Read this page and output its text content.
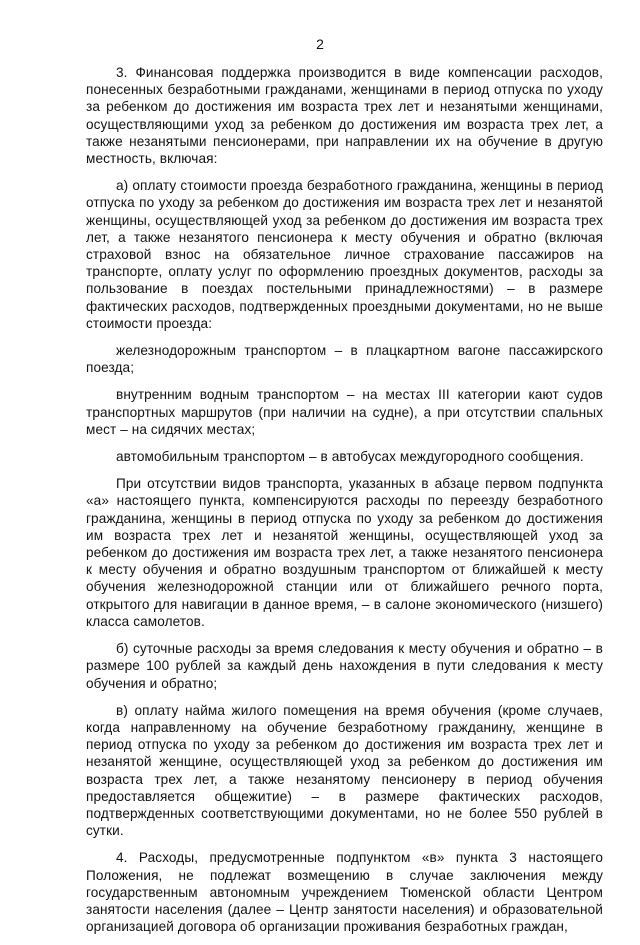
2

3. Финансовая поддержка производится в виде компенсации расходов, понесенных безработными гражданами, женщинами в период отпуска по уходу за ребенком до достижения им возраста трех лет и незанятыми женщинами, осуществляющими уход за ребенком до достижения им возраста трех лет, а также незанятыми пенсионерами, при направлении их на обучение в другую местность, включая:

а) оплату стоимости проезда безработного гражданина, женщины в период отпуска по уходу за ребенком до достижения им возраста трех лет и незанятой женщины, осуществляющей уход за ребенком до достижения им возраста трех лет, а также незанятого пенсионера к месту обучения и обратно (включая страховой взнос на обязательное личное страхование пассажиров на транспорте, оплату услуг по оформлению проездных документов, расходы за пользование в поездах постельными принадлежностями) – в размере фактических расходов, подтвержденных проездными документами, но не выше стоимости проезда:

железнодорожным транспортом – в плацкартном вагоне пассажирского поезда;

внутренним водным транспортом – на местах III категории кают судов транспортных маршрутов (при наличии на судне), а при отсутствии спальных мест – на сидячих местах;

автомобильным транспортом – в автобусах междугородного сообщения.

При отсутствии видов транспорта, указанных в абзаце первом подпункта «а» настоящего пункта, компенсируются расходы по переезду безработного гражданина, женщины в период отпуска по уходу за ребенком до достижения им возраста трех лет и незанятой женщины, осуществляющей уход за ребенком до достижения им возраста трех лет, а также незанятого пенсионера к месту обучения и обратно воздушным транспортом от ближайшей к месту обучения железнодорожной станции или от ближайшего речного порта, открытого для навигации в данное время, – в салоне экономического (низшего) класса самолетов.

б) суточные расходы за время следования к месту обучения и обратно – в размере 100 рублей за каждый день нахождения в пути следования к месту обучения и обратно;

в) оплату найма жилого помещения на время обучения (кроме случаев, когда направленному на обучение безработному гражданину, женщине в период отпуска по уходу за ребенком до достижения им возраста трех лет и незанятой женщине, осуществляющей уход за ребенком до достижения им возраста трех лет, а также незанятому пенсионеру в период обучения предоставляется общежитие) – в размере фактических расходов, подтвержденных соответствующими документами, но не более 550 рублей в сутки.

4. Расходы, предусмотренные подпунктом «в» пункта 3 настоящего Положения, не подлежат возмещению в случае заключения между государственным автономным учреждением Тюменской области Центром занятости населения (далее – Центр занятости населения) и образовательной организацией договора об организации проживания безработных граждан,
